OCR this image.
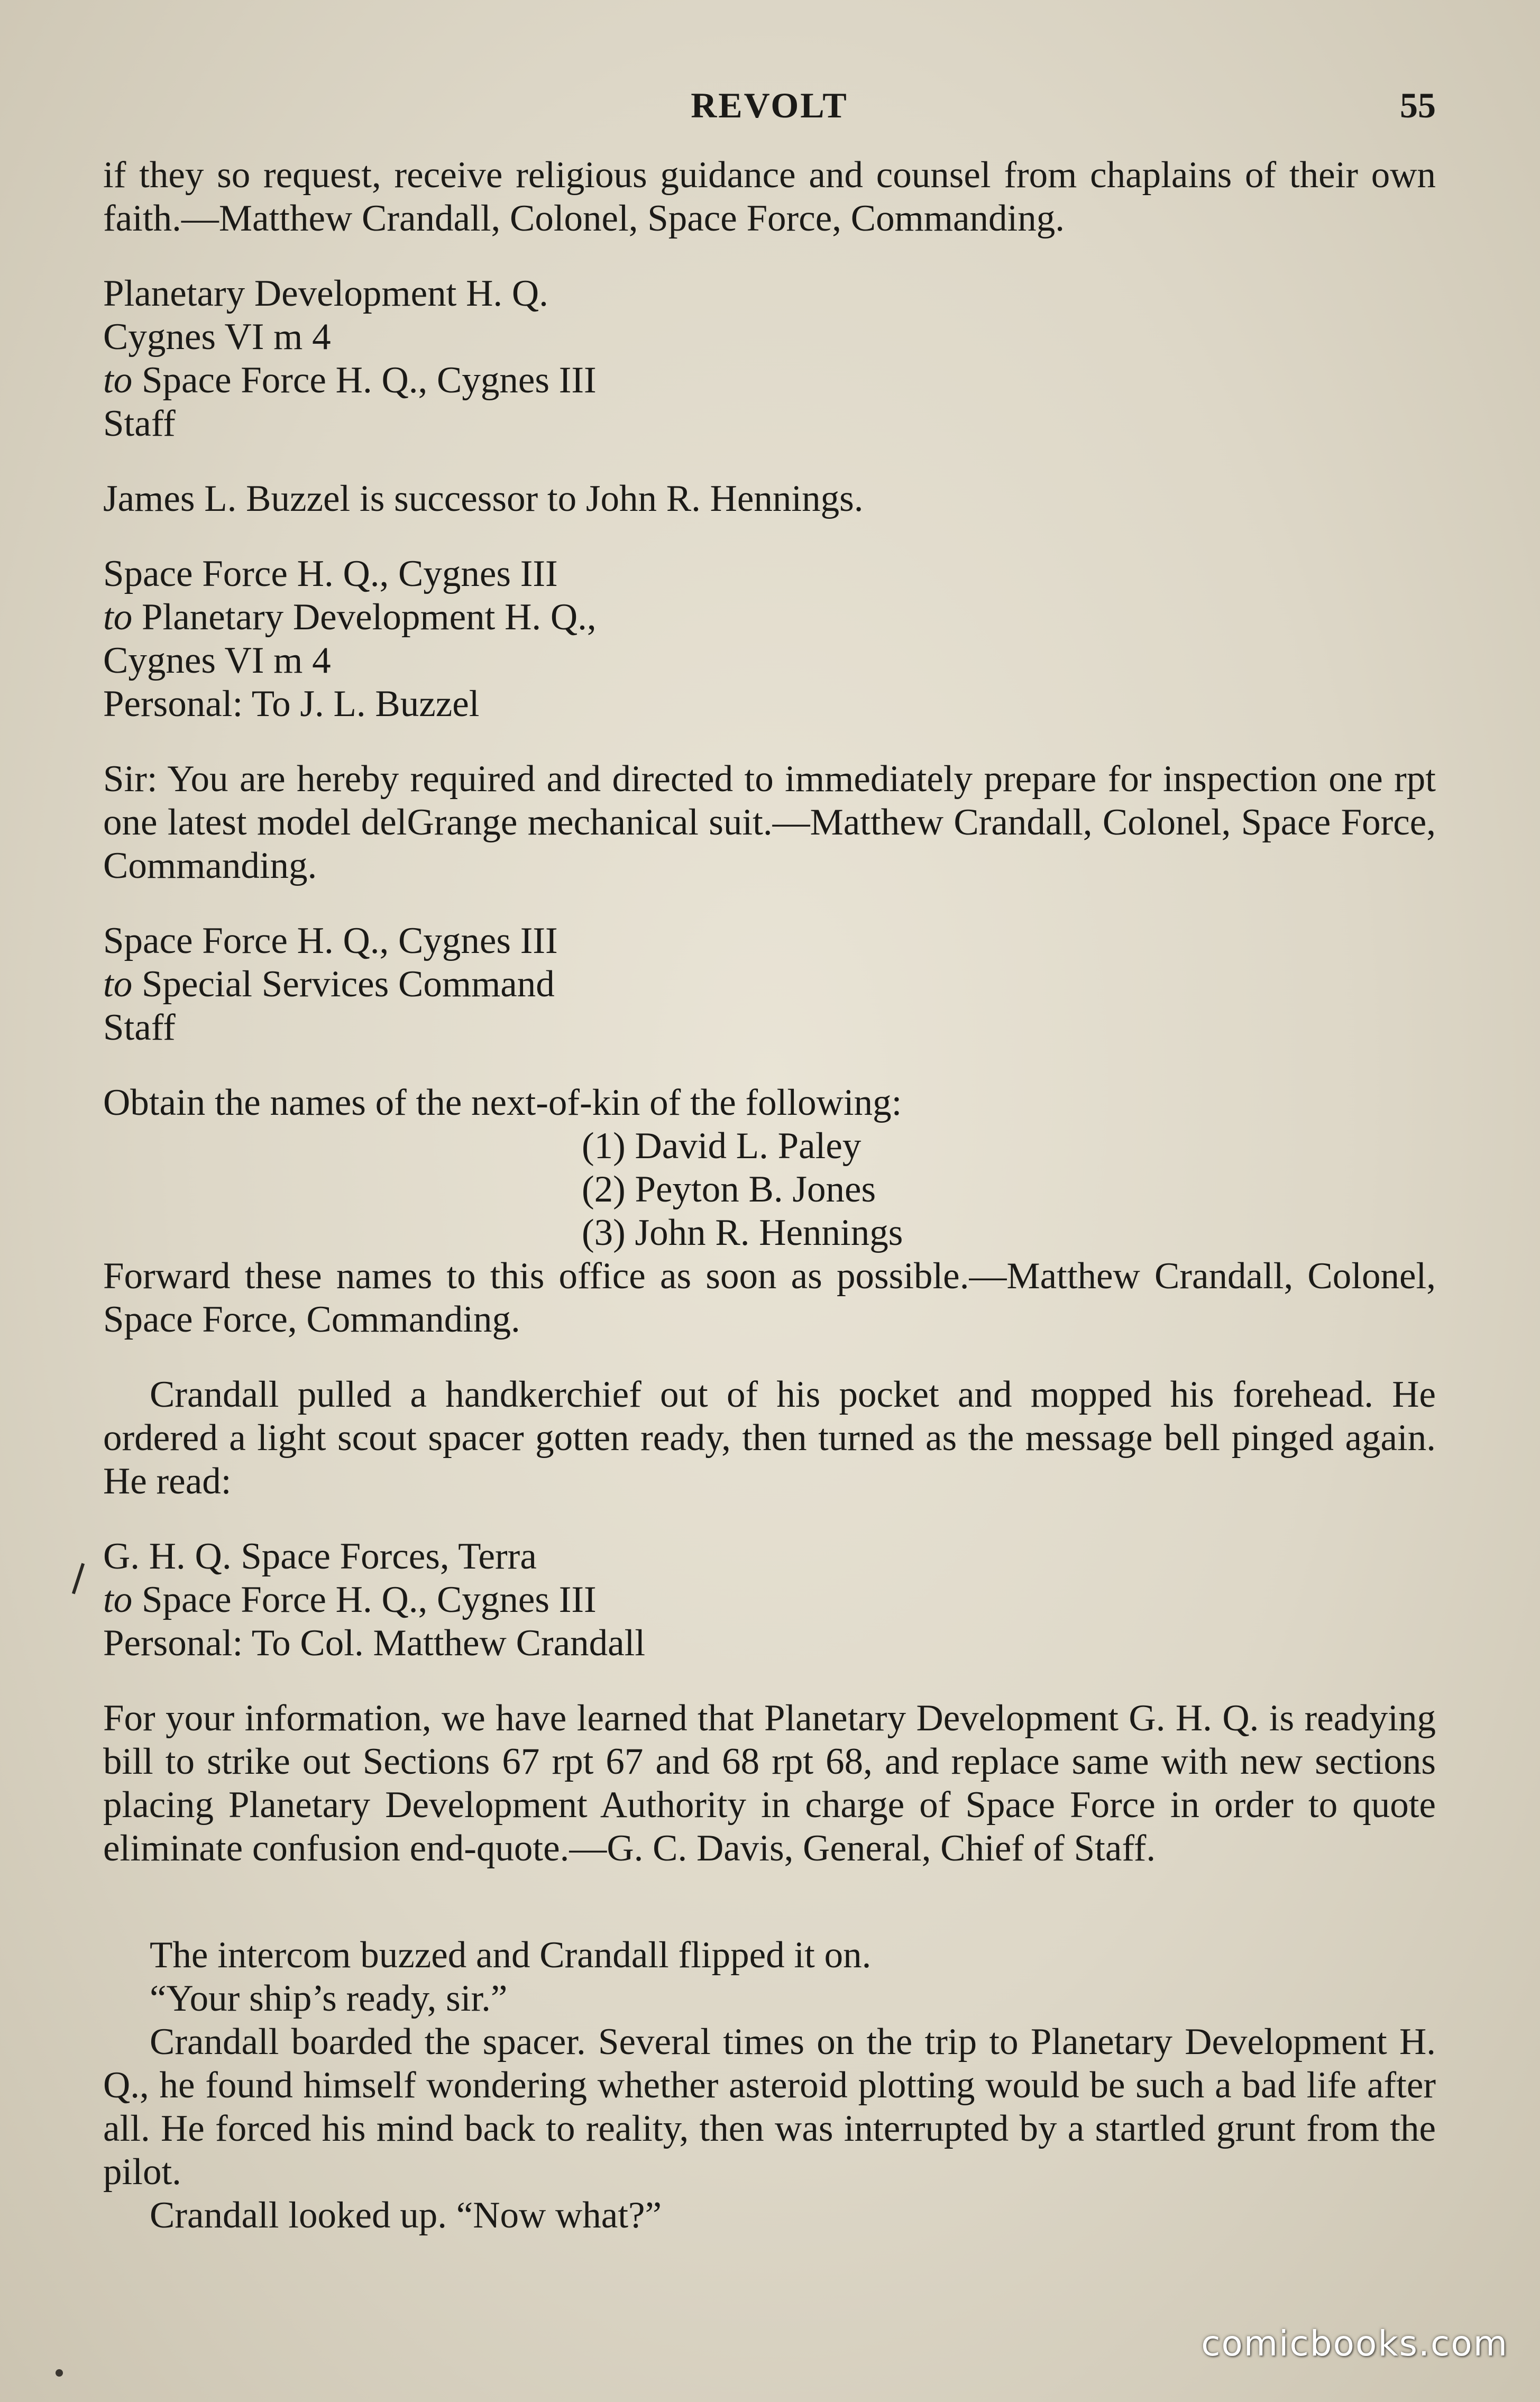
REVOLT	55

if they so request, receive religious guidance and counsel from chaplains of their own faith.—Matthew Crandall, Colonel, Space Force, Commanding.

Planetary Development H. Q.
Cygnes VI m 4
to Space Force H. Q., Cygnes III
Staff

James L. Buzzel is successor to John R. Hennings.

Space Force H. Q., Cygnes III
to Planetary Development H. Q.,
Cygnes VI m 4
Personal: To J. L. Buzzel

Sir: You are hereby required and directed to immediately prepare for inspection one rpt one latest model delGrange mechanical suit.—Matthew Crandall, Colonel, Space Force, Commanding.

Space Force H. Q., Cygnes III
to Special Services Command
Staff
Obtain the names of the next-of-kin of the following:
(1) David L. Paley
(2) Peyton B. Jones
(3) John R. Hennings
Forward these names to this office as soon as possible.—Matthew Crandall, Colonel, Space Force, Commanding.

Crandall pulled a handkerchief out of his pocket and mopped his forehead. He ordered a light scout spacer gotten ready, then turned as the message bell pinged again. He read:

G. H. Q. Space Forces, Terra
to Space Force H. Q., Cygnes III
Personal: To Col. Matthew Crandall

For your information, we have learned that Planetary Development G. H. Q. is readying bill to strike out Sections 67 rpt 67 and 68 rpt 68, and replace same with new sections placing Planetary Development Authority in charge of Space Force in order to quote eliminate confusion end-quote.—G. C. Davis, General, Chief of Staff.

The intercom buzzed and Crandall flipped it on.

“Your ship’s ready, sir.”

Crandall boarded the spacer. Several times on the trip to Planetary Development H. Q., he found himself wondering whether asteroid plotting would be such a bad life after all. He forced his mind back to reality, then was interrupted by a startled grunt from the pilot.

Crandall looked up. “Now what?”

comicbooks.com
